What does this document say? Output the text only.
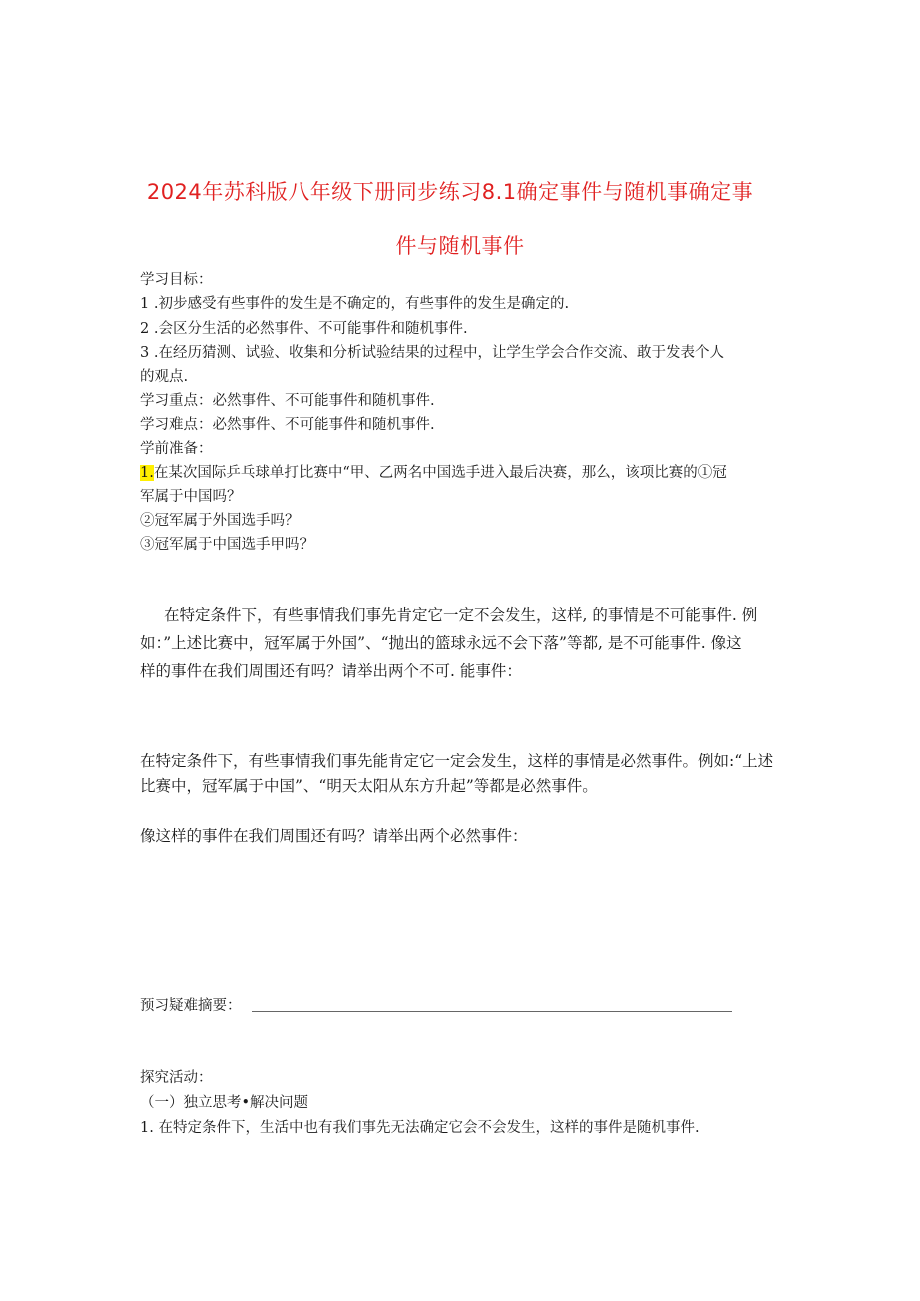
2024年苏科版八年级下册同步练习8.1确定事件与随机事确定事
件与随机事件
学习目标：
1 .初步感受有些事件的发生是不确定的，有些事件的发生是确定的.
2 .会区分生活的必然事件、不可能事件和随机事件.
3 .在经历猜测、试验、收集和分析试验结果的过程中，让学生学会合作交流、敢于发表个人
的观点.
学习重点：必然事件、不可能事件和随机事件.
学习难点：必然事件、不可能事件和随机事件.
学前准备：
1.在某次国际乒乓球单打比赛中“甲、乙两名中国选手进入最后决赛，那么，该项比赛的①冠
军属于中国吗？
②冠军属于外国选手吗？
③冠军属于中国选手甲吗？
在特定条件下，有些事情我们事先肯定它一定不会发生，这样, 的事情是不可能事件. 例
如：”上述比赛中，冠军属于外国”、“抛出的篮球永远不会下落”等都, 是不可能事件. 像这
样的事件在我们周围还有吗？请举出两个不可. 能事件：
在特定条件下，有些事情我们事先能肯定它一定会发生，这样的事情是必然事件。例如:“上述
比赛中，冠军属于中国”、“明天太阳从东方升起”等都是必然事件。
像这样的事件在我们周围还有吗？请举出两个必然事件：
预习疑难摘要：
探究活动：
（一）独立思考•解决问题
1. 在特定条件下，生活中也有我们事先无法确定它会不会发生，这样的事件是随机事件.
